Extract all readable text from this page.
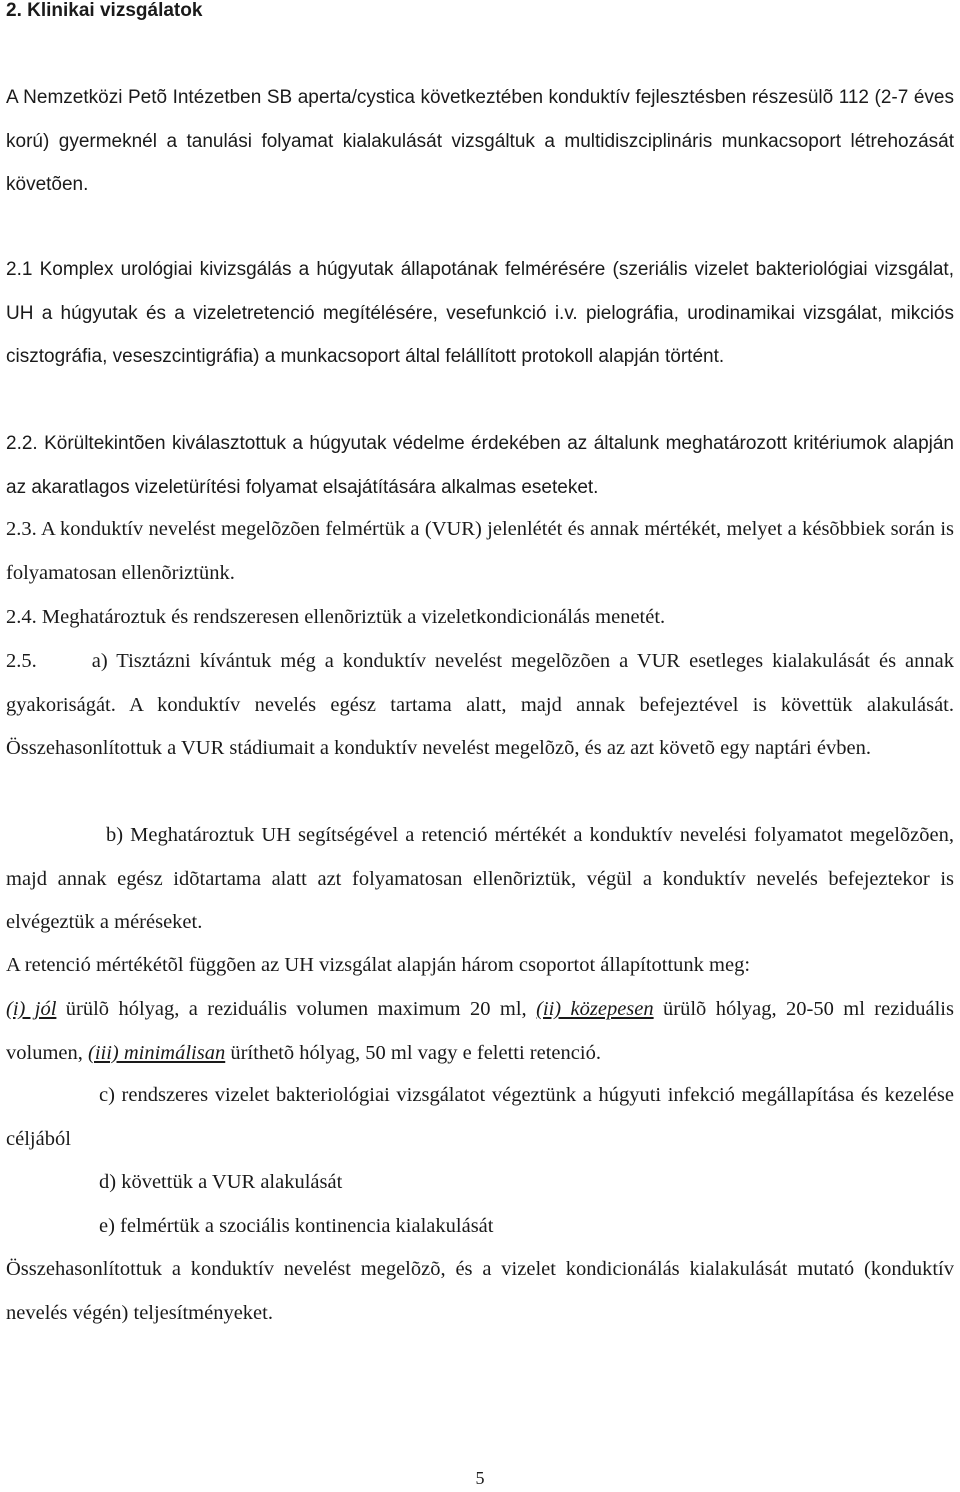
2. Klinikai vizsgálatok

A Nemzetközi Petõ Intézetben SB aperta/cystica következtében konduktív fejlesztésben részesülõ 112 (2-7 éves korú) gyermeknél a tanulási folyamat kialakulását vizsgáltuk a multidiszciplináris munkacsoport létrehozását követõen.

2.1 Komplex urológiai kivizsgálás a húgyutak állapotának felmérésére (szeriális vizelet bakteriológiai vizsgálat, UH a húgyutak és a vizeletretenció megítélésére, vesefunkció i.v. pielográfia, urodinamikai vizsgálat, mikciós cisztográfia, veseszcintigráfia) a munkacsoport által felállított protokoll alapján történt.

2.2. Körültekintõen kiválasztottuk a húgyutak védelme érdekében az általunk meghatározott kritériumok alapján az akaratlagos vizeletürítési folyamat elsajátítására alkalmas eseteket.

2.3. A konduktív nevelést megelõzõen felmértük a (VUR) jelenlétét és annak mértékét, melyet a késõbbiek során is folyamatosan ellenõriztünk.

2.4. Meghatároztuk és rendszeresen ellenõriztük a vizeletkondicionálás menetét.

2.5.	a) Tisztázni kívántuk még a konduktív nevelést megelõzõen a VUR esetleges kialakulását és annak gyakoriságát. A konduktív nevelés egész tartama alatt, majd annak befejeztével is követtük alakulását. Összehasonlítottuk a VUR stádiumait a konduktív nevelést megelõzõ, és az azt követõ egy naptári évben.

b) Meghatároztuk UH segítségével a retenció mértékét a konduktív nevelési folyamatot megelõzõen, majd annak egész idõtartama alatt azt folyamatosan ellenõriztük, végül a konduktív nevelés befejeztekor is elvégeztük a méréseket.

A retenció mértékétõl függõen az UH vizsgálat alapján három csoportot állapítottunk meg:

(i) jól ürülõ hólyag, a reziduális volumen maximum 20 ml, (ii) közepesen ürülõ hólyag, 20-50 ml reziduális volumen, (iii) minimálisan üríthetõ hólyag, 50 ml vagy e feletti retenció.

c) rendszeres vizelet bakteriológiai vizsgálatot végeztünk a húgyuti infekció megállapítása és kezelése céljából

d) követtük a VUR alakulását

e) felmértük a szociális kontinencia kialakulását

Összehasonlítottuk a konduktív nevelést megelõzõ, és a vizelet kondicionálás kialakulását mutató (konduktív nevelés végén) teljesítményeket.

5
